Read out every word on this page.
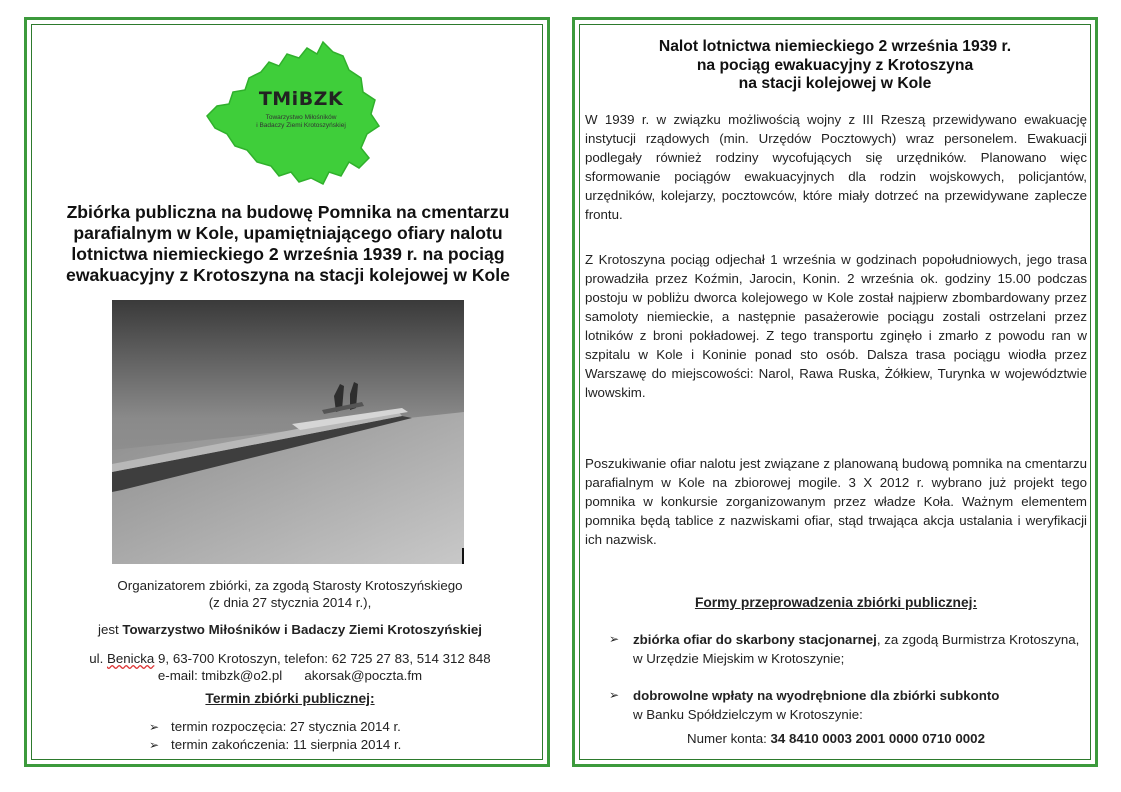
TMiBZK
Towarzystwo Miłośników
i Badaczy Ziemi Krotoszyńskiej
Zbiórka publiczna na budowę Pomnika na cmentarzu parafialnym w Kole, upamiętniającego ofiary nalotu lotnictwa niemieckiego 2 września 1939 r. na pociąg ewakuacyjny z Krotoszyna na stacji kolejowej w Kole
Organizatorem zbiórki, za zgodą Starosty Krotoszyńskiego
(z dnia 27 stycznia 2014 r.),
jest Towarzystwo Miłośników i Badaczy Ziemi Krotoszyńskiej
ul. Benicka 9, 63-700 Krotoszyn, telefon: 62 725 27 83, 514 312 848
e-mail: tmibzk@o2.pl      akorsak@poczta.fm
Termin zbiórki publicznej:
➢ termin rozpoczęcia: 27 stycznia 2014 r.
➢ termin zakończenia: 11 sierpnia 2014 r.
Nalot lotnictwa niemieckiego 2 września 1939 r.
na pociąg ewakuacyjny z Krotoszyna
na stacji kolejowej w Kole
W 1939 r. w związku możliwością wojny z III Rzeszą przewidywano ewakuację instytucji rządowych (min. Urzędów Pocztowych) wraz personelem. Ewakuacji podlegały również rodziny wycofujących się urzędników. Planowano więc sformowanie pociągów ewakuacyjnych dla rodzin wojskowych, policjantów, urzędników, kolejarzy, pocztowców, które miały dotrzeć na przewidywane zaplecze frontu.
Z Krotoszyna pociąg odjechał 1 września w godzinach popołudniowych, jego trasa prowadziła przez Koźmin, Jarocin, Konin. 2 września ok. godziny 15.00 podczas postoju w pobliżu dworca kolejowego w Kole został najpierw zbombardowany przez samoloty niemieckie, a następnie pasażerowie pociągu zostali ostrzelani przez lotników z broni pokładowej. Z tego transportu zginęło i zmarło z powodu ran w szpitalu w Kole i Koninie ponad sto osób. Dalsza trasa pociągu wiodła przez Warszawę do miejscowości: Narol, Rawa Ruska, Żółkiew, Turynka w województwie lwowskim.
Poszukiwanie ofiar nalotu jest związane z planowaną budową pomnika na cmentarzu parafialnym w Kole na zbiorowej mogile. 3 X 2012 r. wybrano już projekt tego pomnika w konkursie zorganizowanym przez władze Koła. Ważnym elementem pomnika będą tablice z nazwiskami ofiar, stąd trwająca akcja ustalania i weryfikacji ich nazwisk.
Formy przeprowadzenia zbiórki publicznej:
➢ zbiórka ofiar do skarbony stacjonarnej, za zgodą Burmistrza Krotoszyna, w Urzędzie Miejskim w Krotoszynie;
➢ dobrowolne wpłaty na wyodrębnione dla zbiórki subkonto
w Banku Spółdzielczym w Krotoszynie:
Numer konta: 34 8410 0003 2001 0000 0710 0002
